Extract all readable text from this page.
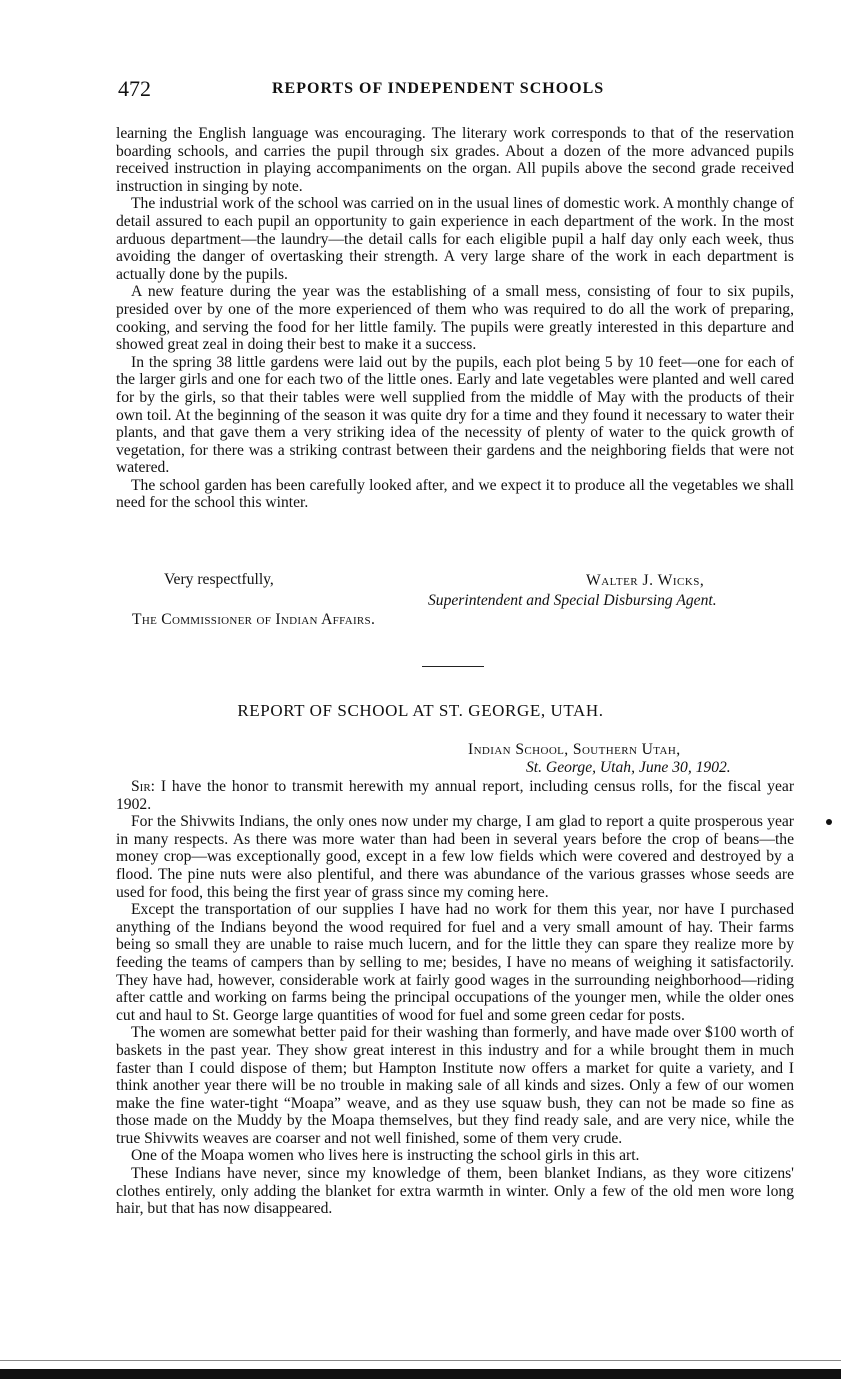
472	REPORTS OF INDEPENDENT SCHOOLS

learning the English language was encouraging. The literary work corresponds to that of the reservation boarding schools, and carries the pupil through six grades. About a dozen of the more advanced pupils received instruction in playing accompaniments on the organ. All pupils above the second grade received instruction in singing by note.

The industrial work of the school was carried on in the usual lines of domestic work. A monthly change of detail assured to each pupil an opportunity to gain experience in each department of the work. In the most arduous department—the laundry—the detail calls for each eligible pupil a half day only each week, thus avoiding the danger of overtasking their strength. A very large share of the work in each department is actually done by the pupils.

A new feature during the year was the establishing of a small mess, consisting of four to six pupils, presided over by one of the more experienced of them who was required to do all the work of preparing, cooking, and serving the food for her little family. The pupils were greatly interested in this departure and showed great zeal in doing their best to make it a success.

In the spring 38 little gardens were laid out by the pupils, each plot being 5 by 10 feet—one for each of the larger girls and one for each two of the little ones. Early and late vegetables were planted and well cared for by the girls, so that their tables were well supplied from the middle of May with the products of their own toil. At the beginning of the season it was quite dry for a time and they found it necessary to water their plants, and that gave them a very striking idea of the necessity of plenty of water to the quick growth of vegetation, for there was a striking contrast between their gardens and the neighboring fields that were not watered.

The school garden has been carefully looked after, and we expect it to produce all the vegetables we shall need for the school this winter.

Very respectfully,	Walter J. Wicks,
Superintendent and Special Disbursing Agent.
The Commissioner of Indian Affairs.
REPORT OF SCHOOL AT ST. GEORGE, UTAH.
Indian School, Southern Utah,
St. George, Utah, June 30, 1902.

Sir: I have the honor to transmit herewith my annual report, including census rolls, for the fiscal year 1902.

For the Shivwits Indians, the only ones now under my charge, I am glad to report a quite prosperous year in many respects. As there was more water than had been in several years before the crop of beans—the money crop—was exceptionally good, except in a few low fields which were covered and destroyed by a flood. The pine nuts were also plentiful, and there was abundance of the various grasses whose seeds are used for food, this being the first year of grass since my coming here.

Except the transportation of our supplies I have had no work for them this year, nor have I purchased anything of the Indians beyond the wood required for fuel and a very small amount of hay. Their farms being so small they are unable to raise much lucern, and for the little they can spare they realize more by feeding the teams of campers than by selling to me; besides, I have no means of weighing it satisfactorily. They have had, however, considerable work at fairly good wages in the surrounding neighborhood—riding after cattle and working on farms being the principal occupations of the younger men, while the older ones cut and haul to St. George large quantities of wood for fuel and some green cedar for posts.

The women are somewhat better paid for their washing than formerly, and have made over $100 worth of baskets in the past year. They show great interest in this industry and for a while brought them in much faster than I could dispose of them; but Hampton Institute now offers a market for quite a variety, and I think another year there will be no trouble in making sale of all kinds and sizes. Only a few of our women make the fine water-tight “Moapa” weave, and as they use squaw bush, they can not be made so fine as those made on the Muddy by the Moapa themselves, but they find ready sale, and are very nice, while the true Shivwits weaves are coarser and not well finished, some of them very crude.

One of the Moapa women who lives here is instructing the school girls in this art.

These Indians have never, since my knowledge of them, been blanket Indians, as they wore citizens' clothes entirely, only adding the blanket for extra warmth in winter. Only a few of the old men wore long hair, but that has now disappeared.
